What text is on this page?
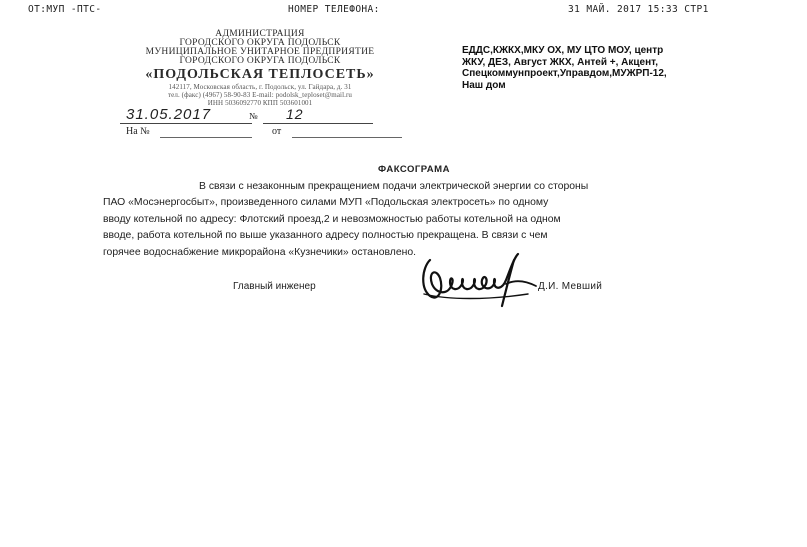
ОТ:МУП -ПТС-	НОМЕР ТЕЛЕФОНА:	31 МАЙ. 2017 15:33 СТР1
АДМИНИСТРАЦИЯ
ГОРОДСКОГО ОКРУГА ПОДОЛЬСК
МУНИЦИПАЛЬНОЕ УНИТАРНОЕ ПРЕДПРИЯТИЕ
ГОРОДСКОГО ОКРУГА ПОДОЛЬСК
«ПОДОЛЬСКАЯ ТЕПЛОСЕТЬ»
142117, Московская область, г. Подольск, ул. Гайдара, д. 31
тел. (факс) (4967) 58-90-83 E-mail: podolsk_teploset@mail.ru
ИНН 5036092770 КПП 503601001
31.05.2017	№ 12
На №	от
ЕДДС,КЖКХ,МКУ ОХ, МУ ЦТО МОУ, центр
ЖКУ, ДЕЗ, Август ЖКХ, Антей +, Акцент,
Спецкоммунпроект,Управдом,МУЖРП-12,
Наш дом
ФАКСОГРАМА
В связи с незаконным прекращением подачи электрической энергии со стороны
ПАО «Мосэнергосбыт», произведенного силами МУП «Подольская электросеть» по одному
вводу котельной по адресу: Флотский проезд,2 и невозможностью работы котельной на одном
вводе, работа котельной по выше указанного адресу полностью прекращена. В связи с чем
горячее водоснабжение микрорайона «Кузнечики» остановлено.
Главный инженер	Д.И. Мевший
